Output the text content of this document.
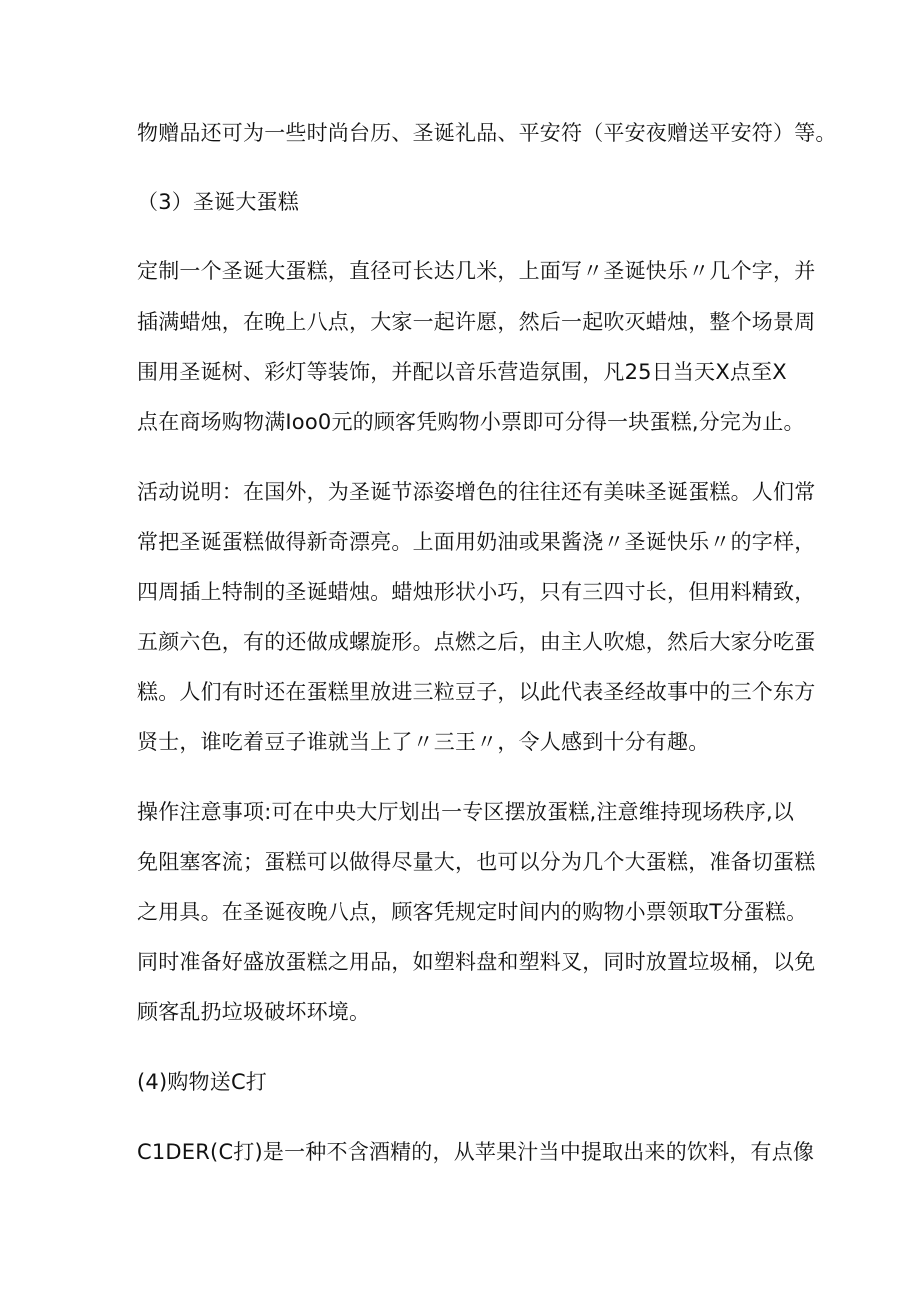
物赠品还可为一些时尚台历、圣诞礼品、平安符（平安夜赠送平安符）等。
（3）圣诞大蛋糕
定制一个圣诞大蛋糕，直径可长达几米，上面写〃圣诞快乐〃几个字，并
插满蜡烛，在晚上八点，大家一起许愿，然后一起吹灭蜡烛，整个场景周
围用圣诞树、彩灯等装饰，并配以音乐营造氛围，凡25日当天X点至X
点在商场购物满Ioo0元的顾客凭购物小票即可分得一块蛋糕,分完为止。
活动说明：在国外，为圣诞节添姿增色的往往还有美味圣诞蛋糕。人们常
常把圣诞蛋糕做得新奇漂亮。上面用奶油或果酱浇〃圣诞快乐〃的字样，
四周插上特制的圣诞蜡烛。蜡烛形状小巧，只有三四寸长，但用料精致，
五颜六色，有的还做成螺旋形。点燃之后，由主人吹熄，然后大家分吃蛋
糕。人们有时还在蛋糕里放进三粒豆子，以此代表圣经故事中的三个东方
贤士，谁吃着豆子谁就当上了〃三王〃，令人感到十分有趣。
操作注意事项:可在中央大厅划出一专区摆放蛋糕,注意维持现场秩序,以
免阻塞客流；蛋糕可以做得尽量大，也可以分为几个大蛋糕，准备切蛋糕
之用具。在圣诞夜晚八点，顾客凭规定时间内的购物小票领取T分蛋糕。
同时准备好盛放蛋糕之用品，如塑料盘和塑料叉，同时放置垃圾桶，以免
顾客乱扔垃圾破坏环境。
(4)购物送C打
C1DER(C打)是一种不含酒精的，从苹果汁当中提取出来的饮料，有点像
